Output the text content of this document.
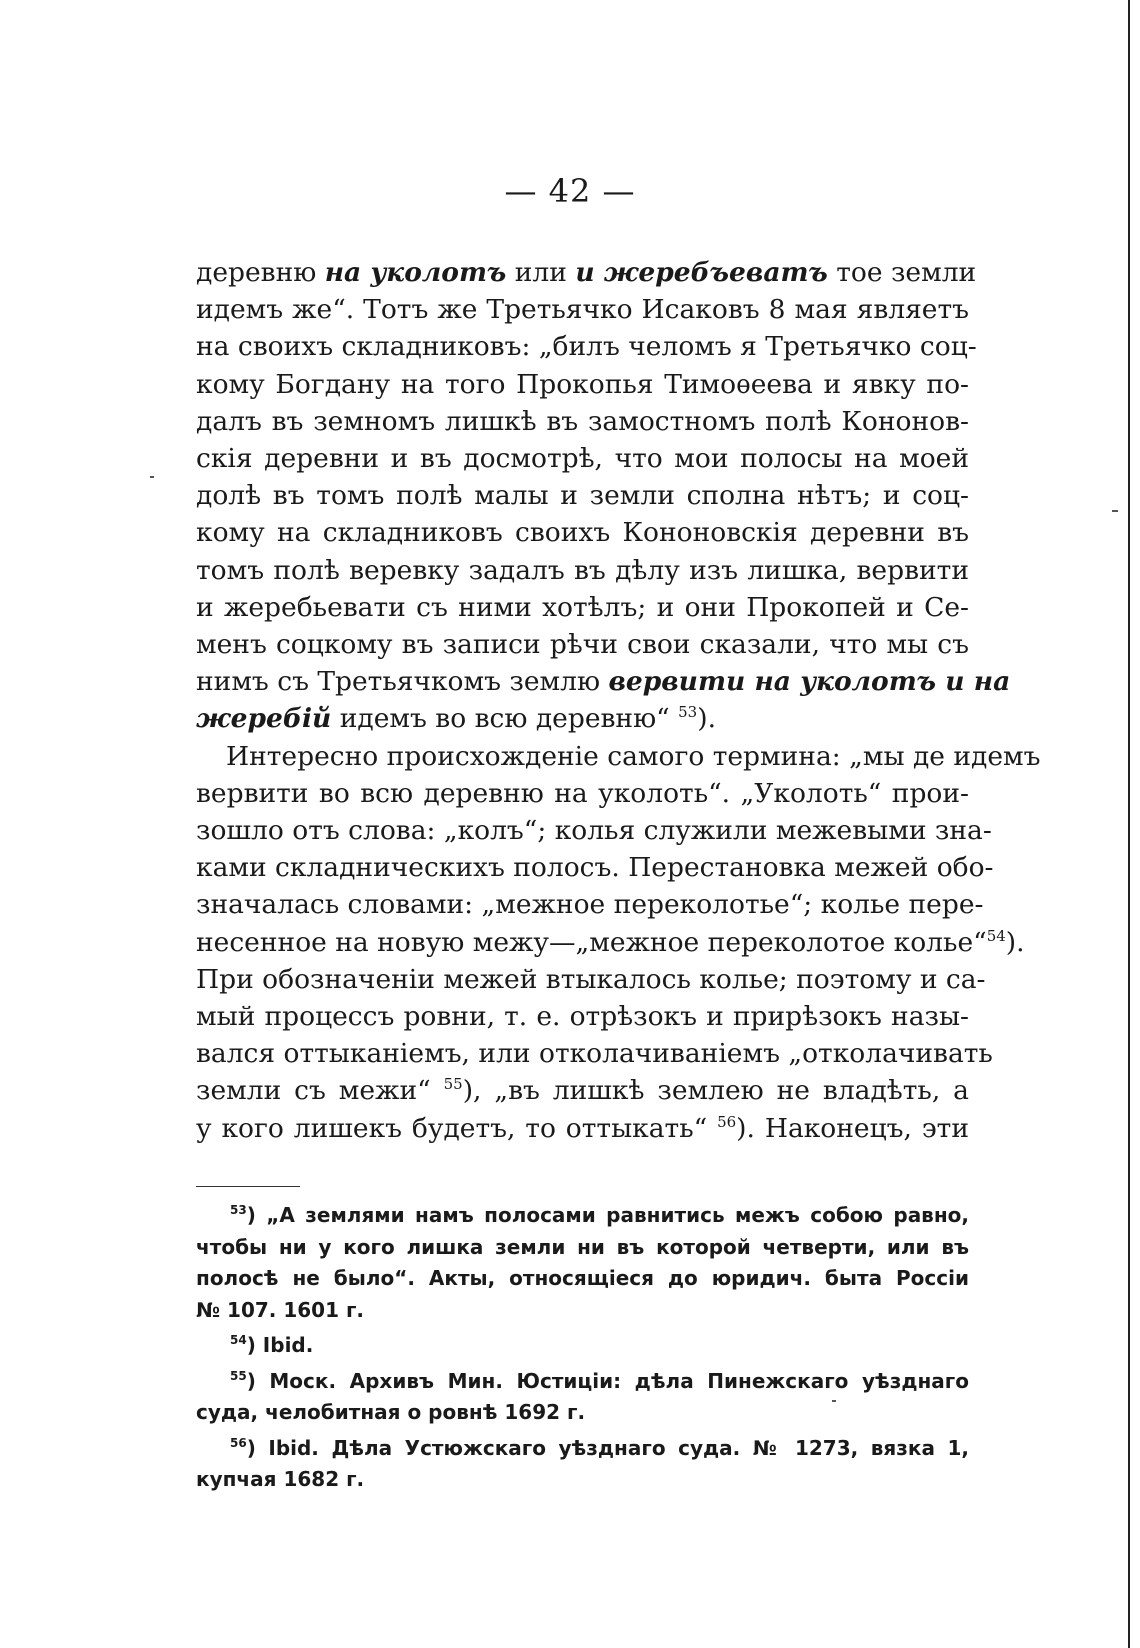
— 42 —
деревню на уколотъ или и жеребъеватъ тое земли
идемъ же“. Тотъ же Третьячко Исаковъ 8 мая являетъ
на своихъ складниковъ: „билъ челомъ я Третьячко соц-
кому Богдану на того Прокопья Тимоѳеева и явку по-
далъ въ земномъ лишкѣ въ замостномъ полѣ Кононов-
скія деревни и въ досмотрѣ, что мои полосы на моей
долѣ въ томъ полѣ малы и земли сполна нѣтъ; и соц-
кому на складниковъ своихъ Кононовскія деревни въ
томъ полѣ веревку задалъ въ дѣлу изъ лишка, вервити
и жеребьевати съ ними хотѣлъ; и они Прокопей и Се-
менъ соцкому въ записи рѣчи свои сказали, что мы съ
нимъ съ Третьячкомъ землю вервити на уколотъ и на
жеребій идемъ во всю деревню“ $^{53}$).
Интересно происхожденіе самого термина: „мы де идемъ
вервити во всю деревню на уколоть“. „Уколоть“ прои-
зошло отъ слова: „колъ“; колья служили межевыми зна-
ками складническихъ полосъ. Перестановка межей обо-
значалась словами: „межное переколотье“; колье пере-
несенное на новую межу—„межное переколотое колье“$^{54}$).
При обозначеніи межей втыкалось колье; поэтому и са-
мый процессъ ровни, т. е. отрѣзокъ и прирѣзокъ назы-
вался оттыканіемъ, или отколачиваніемъ „отколачивать
земли съ межи“ $^{55}$), „въ лишкѣ землею не владѣть, а
у кого лишекъ будетъ, то оттыкать“ $^{56}$). Наконецъ, эти
$^{53}$) „А землями намъ полосами равнитись межъ собою равно,
чтобы ни у кого лишка земли ни въ которой четверти, или въ
полосѣ не было“. Акты, относящіеся до юридич. быта Россіи
№ 107. 1601 г.
$^{54}$) Ibid.
$^{55}$) Моск. Архивъ Мин. Юстиціи: дѣла Пинежскаго уѣзднаго
суда, челобитная о ровнѣ 1692 г.
$^{56}$) Ibid. Дѣла Устюжскаго уѣзднаго суда. № 1273, вязка 1,
купчая 1682 г.
